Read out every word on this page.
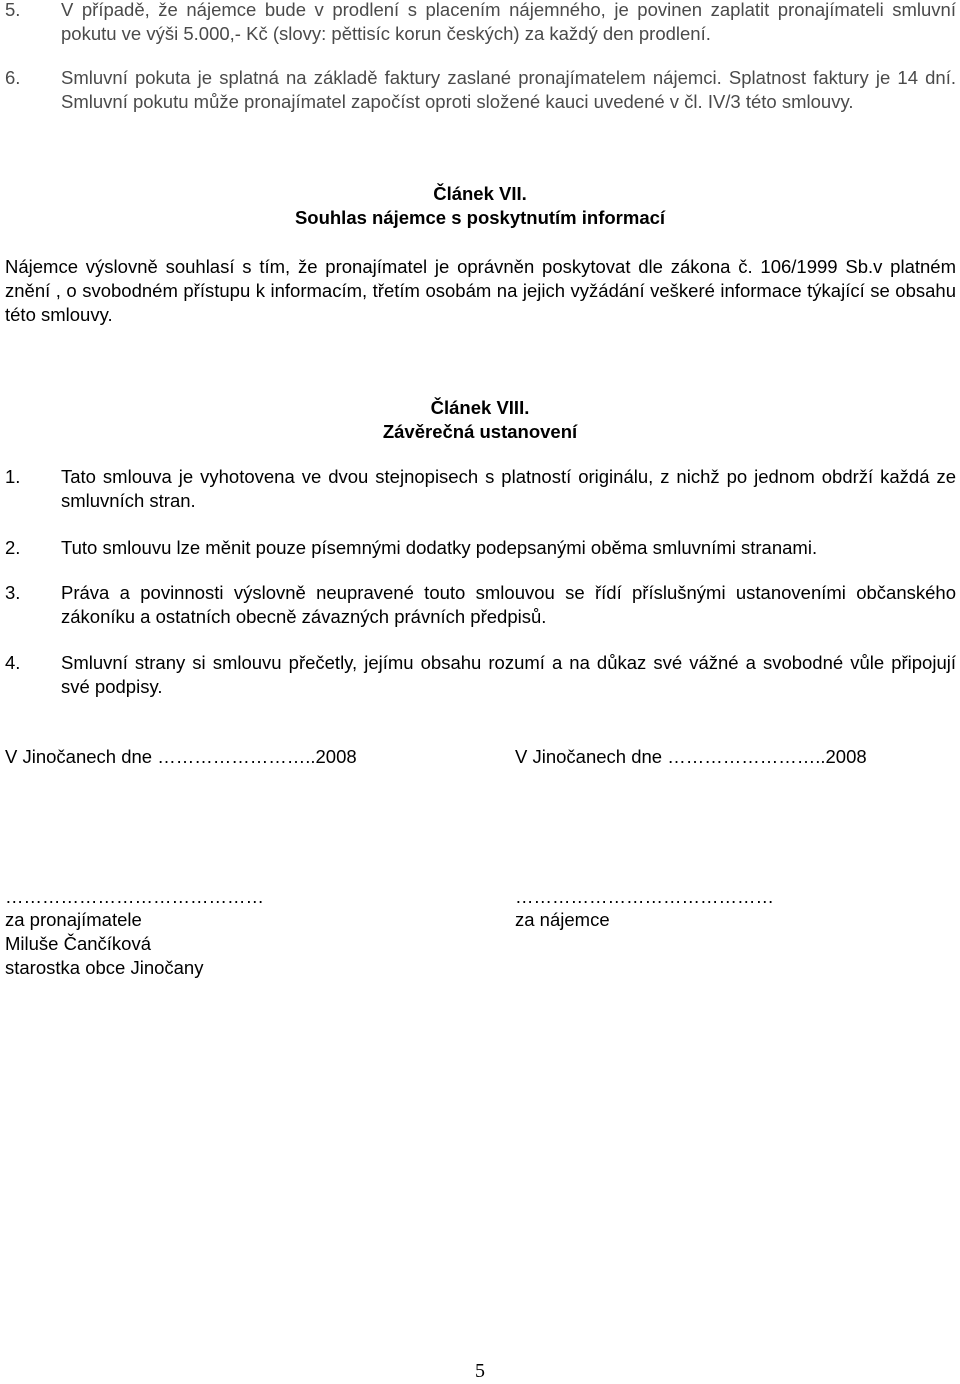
5. V případě, že nájemce bude v prodlení s placením nájemného, je povinen zaplatit pronajímateli smluvní pokutu ve výši 5.000,- Kč (slovy: pěttisíc korun českých) za každý den prodlení.
6. Smluvní pokuta je splatná na základě faktury zaslané pronajímatelem nájemci. Splatnost faktury je 14 dní. Smluvní pokutu může pronajímatel započíst oproti složené kauci uvedené v čl. IV/3 této smlouvy.
Článek VII.
Souhlas nájemce s poskytnutím informací
Nájemce výslovně souhlasí s tím, že pronajímatel je oprávněn poskytovat dle zákona č. 106/1999 Sb.v platném znění , o svobodném přístupu k informacím, třetím osobám na jejich vyžádání veškeré informace týkající se obsahu této smlouvy.
Článek VIII.
Závěrečná ustanovení
1. Tato smlouva je vyhotovena ve dvou stejnopisech s platností originálu, z nichž po jednom obdrží každá ze smluvních stran.
2. Tuto smlouvu lze měnit pouze písemnými dodatky podepsanými oběma smluvními stranami.
3. Práva a povinnosti výslovně neupravené touto smlouvou se řídí příslušnými ustanoveními občanského zákoníku a ostatních obecně závazných právních předpisů.
4. Smluvní strany si smlouvu přečetly, jejímu obsahu rozumí a na důkaz své vážné a svobodné vůle připojují své podpisy.
V Jinočanech dne ……………………..2008	V Jinočanech dne ……………………..2008
……………………………………	……………………………………
za pronajímatele	za nájemce
Miluše Čančíková
starostka obce Jinočany
5
